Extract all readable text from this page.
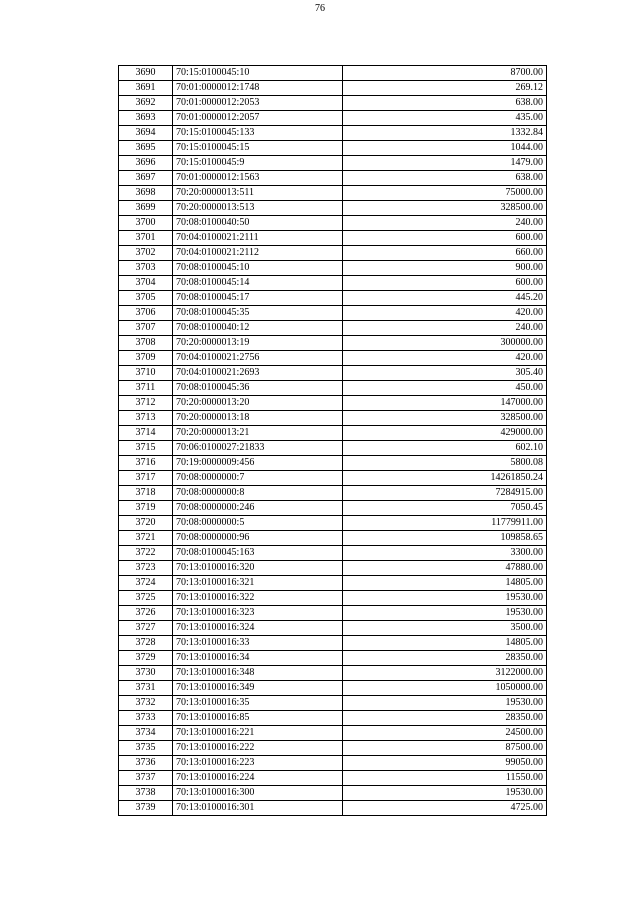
76
3690	70:15:0100045:10	8700.00
3691	70:01:0000012:1748	269.12
3692	70:01:0000012:2053	638.00
3693	70:01:0000012:2057	435.00
3694	70:15:0100045:133	1332.84
3695	70:15:0100045:15	1044.00
3696	70:15:0100045:9	1479.00
3697	70:01:0000012:1563	638.00
3698	70:20:0000013:511	75000.00
3699	70:20:0000013:513	328500.00
3700	70:08:0100040:50	240.00
3701	70:04:0100021:2111	600.00
3702	70:04:0100021:2112	660.00
3703	70:08:0100045:10	900.00
3704	70:08:0100045:14	600.00
3705	70:08:0100045:17	445.20
3706	70:08:0100045:35	420.00
3707	70:08:0100040:12	240.00
3708	70:20:0000013:19	300000.00
3709	70:04:0100021:2756	420.00
3710	70:04:0100021:2693	305.40
3711	70:08:0100045:36	450.00
3712	70:20:0000013:20	147000.00
3713	70:20:0000013:18	328500.00
3714	70:20:0000013:21	429000.00
3715	70:06:0100027:21833	602.10
3716	70:19:0000009:456	5800.08
3717	70:08:0000000:7	14261850.24
3718	70:08:0000000:8	7284915.00
3719	70:08:0000000:246	7050.45
3720	70:08:0000000:5	11779911.00
3721	70:08:0000000:96	109858.65
3722	70:08:0100045:163	3300.00
3723	70:13:0100016:320	47880.00
3724	70:13:0100016:321	14805.00
3725	70:13:0100016:322	19530.00
3726	70:13:0100016:323	19530.00
3727	70:13:0100016:324	3500.00
3728	70:13:0100016:33	14805.00
3729	70:13:0100016:34	28350.00
3730	70:13:0100016:348	3122000.00
3731	70:13:0100016:349	1050000.00
3732	70:13:0100016:35	19530.00
3733	70:13:0100016:85	28350.00
3734	70:13:0100016:221	24500.00
3735	70:13:0100016:222	87500.00
3736	70:13:0100016:223	99050.00
3737	70:13:0100016:224	11550.00
3738	70:13:0100016:300	19530.00
3739	70:13:0100016:301	4725.00
